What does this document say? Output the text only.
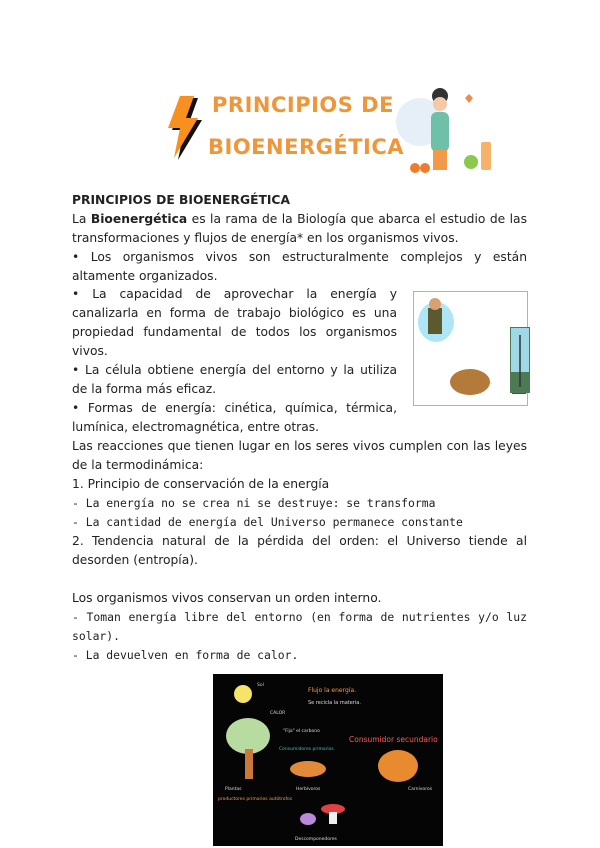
PRINCIPIOS DE
BIOENERGÉTICA

PRINCIPIOS DE BIOENERGÉTICA

La Bioenergética es la rama de la Biología que abarca el estudio de las transformaciones y flujos de energía* en los organismos vivos.

• Los organismos vivos son estructuralmente complejos y están altamente organizados.

• La capacidad de aprovechar la energía y canalizarla en forma de trabajo biológico es una propiedad fundamental de todos los organismos vivos.

• La célula obtiene energía del entorno y la utiliza de la forma más eficaz.

• Formas de energía: cinética, química, térmica, lumínica, electromagnética, entre otras.

Las reacciones que tienen lugar en los seres vivos cumplen con las leyes de la termodinámica:

1. Principio de conservación de la energía

- La energía no se crea ni se destruye: se transforma

- La cantidad de energía del Universo permanece constante

2. Tendencia natural de la pérdida del orden: el Universo tiende al desorden (entropía).

Los organismos vivos conservan un orden interno.

- Toman energía libre del entorno (en forma de nutrientes y/o luz solar).

- La devuelven en forma de calor.

Sol
Flujo la energía.
Se recicla la materia.
CALOR
"Fija" el carbono
Consumidores primarios
Herbívoros
Consumidor secundario
Carnívoros
Plantas
productores primarios autótrofos
Descomponedores
